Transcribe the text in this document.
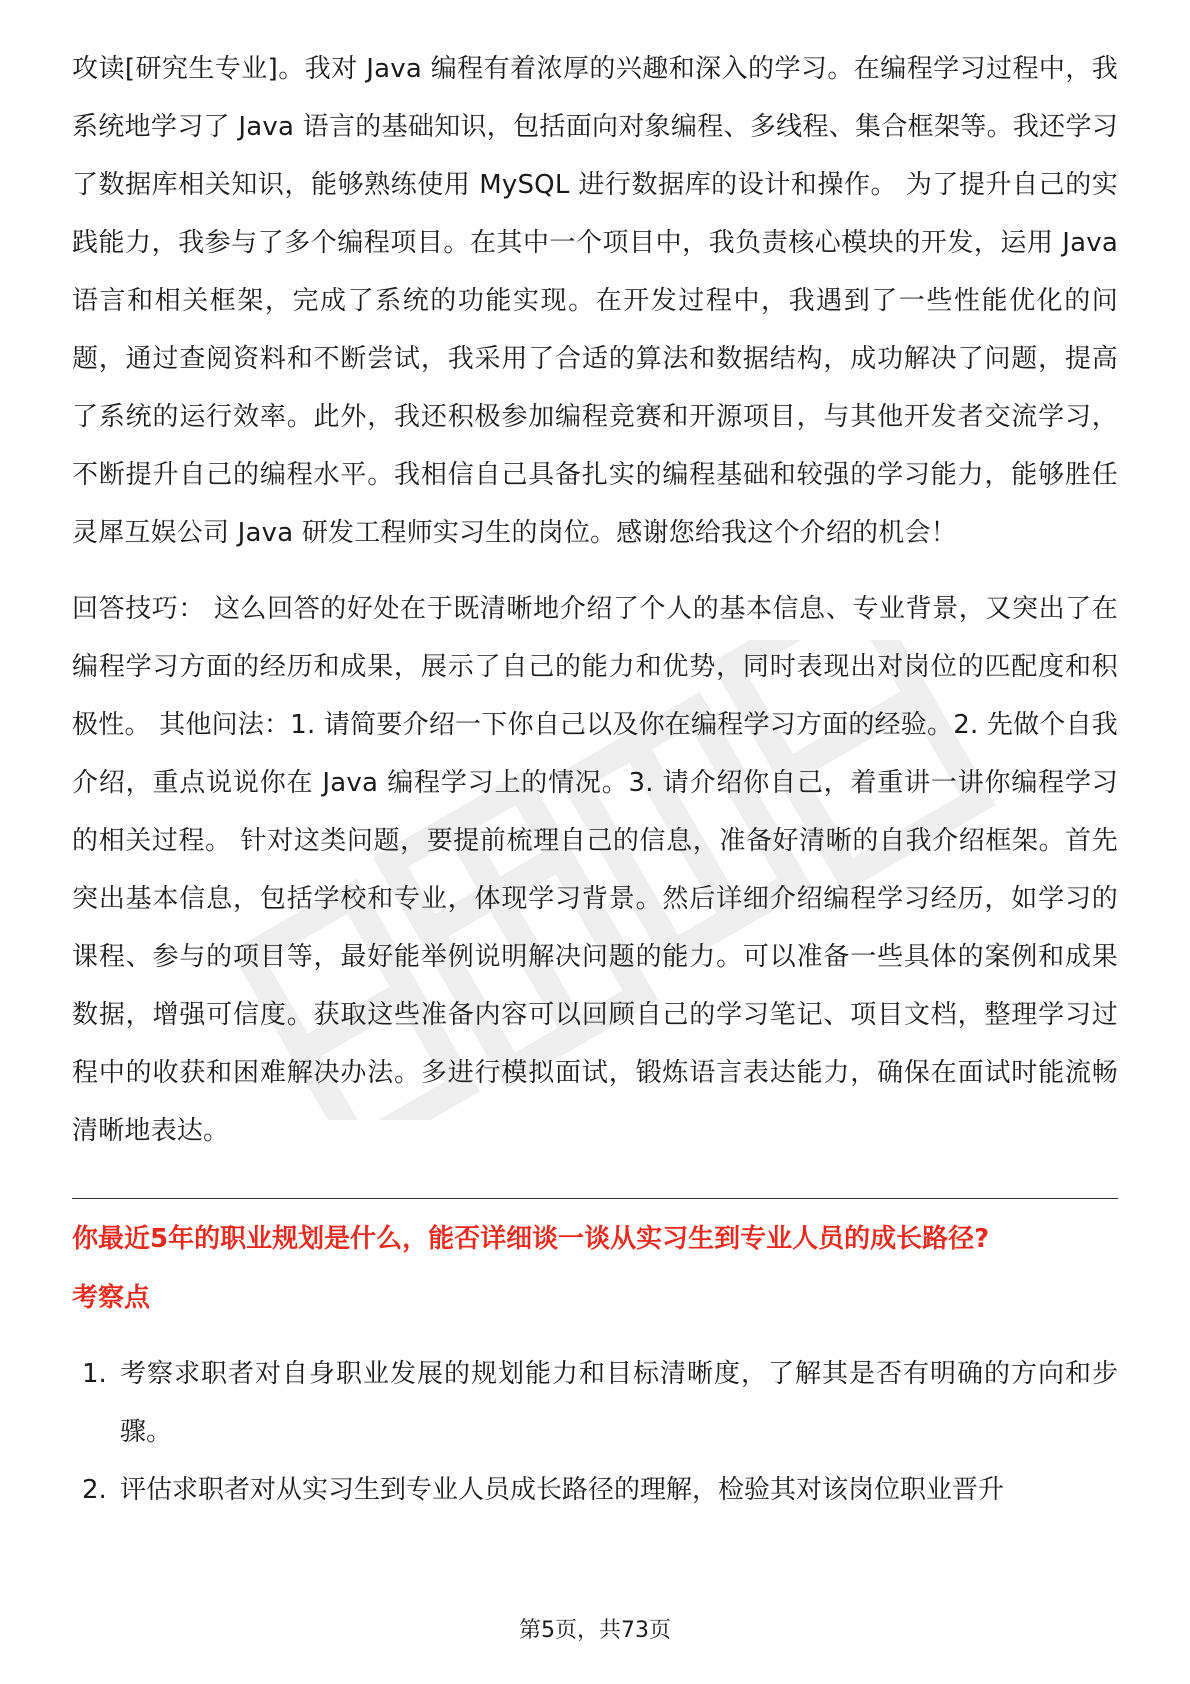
攻读[研究生专业]。我对 Java 编程有着浓厚的兴趣和深入的学习。在编程学习过程中，我系统地学习了 Java 语言的基础知识，包括面向对象编程、多线程、集合框架等。我还学习了数据库相关知识，能够熟练使用 MySQL 进行数据库的设计和操作。 为了提升自己的实践能力，我参与了多个编程项目。在其中一个项目中，我负责核心模块的开发，运用 Java 语言和相关框架，完成了系统的功能实现。在开发过程中，我遇到了一些性能优化的问题，通过查阅资料和不断尝试，我采用了合适的算法和数据结构，成功解决了问题，提高了系统的运行效率。此外，我还积极参加编程竞赛和开源项目，与其他开发者交流学习，不断提升自己的编程水平。我相信自己具备扎实的编程基础和较强的学习能力，能够胜任灵犀互娱公司 Java 研发工程师实习生的岗位。感谢您给我这个介绍的机会！

回答技巧： 这么回答的好处在于既清晰地介绍了个人的基本信息、专业背景，又突出了在编程学习方面的经历和成果，展示了自己的能力和优势，同时表现出对岗位的匹配度和积极性。 其他问法：1. 请简要介绍一下你自己以及你在编程学习方面的经验。2. 先做个自我介绍，重点说说你在 Java 编程学习上的情况。3. 请介绍你自己，着重讲一讲你编程学习的相关过程。 针对这类问题，要提前梳理自己的信息，准备好清晰的自我介绍框架。首先突出基本信息，包括学校和专业，体现学习背景。然后详细介绍编程学习经历，如学习的课程、参与的项目等，最好能举例说明解决问题的能力。可以准备一些具体的案例和成果数据，增强可信度。获取这些准备内容可以回顾自己的学习笔记、项目文档，整理学习过程中的收获和困难解决办法。多进行模拟面试，锻炼语言表达能力，确保在面试时能流畅清晰地表达。

你最近5年的职业规划是什么，能否详细谈一谈从实习生到专业人员的成长路径?

考察点

1. 考察求职者对自身职业发展的规划能力和目标清晰度，了解其是否有明确的方向和步骤。
2. 评估求职者对从实习生到专业人员成长路径的理解，检验其对该岗位职业晋升
第5页，共73页
